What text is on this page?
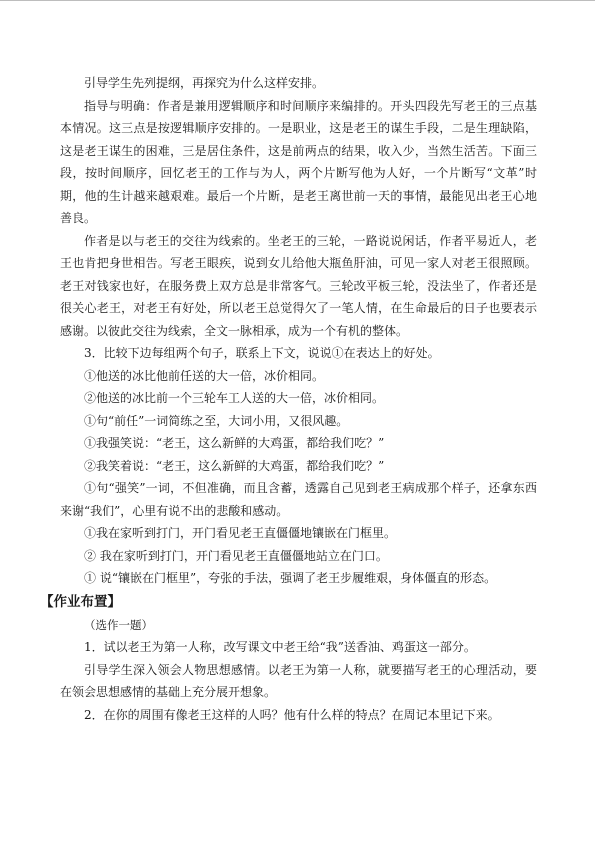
引导学生先列提纲，再探究为什么这样安排。

指导与明确：作者是兼用逻辑顺序和时间顺序来编排的。开头四段先写老王的三点基本情况。这三点是按逻辑顺序安排的。一是职业，这是老王的谋生手段，二是生理缺陷，这是老王谋生的困难，三是居住条件，这是前两点的结果，收入少，当然生活苦。下面三段，按时间顺序，回忆老王的工作与为人，两个片断写他为人好，一个片断写“文革”时期，他的生计越来越艰难。最后一个片断，是老王离世前一天的事情，最能见出老王心地善良。

作者是以与老王的交往为线索的。坐老王的三轮，一路说说闲话，作者平易近人，老王也肯把身世相告。写老王眼疾，说到女儿给他大瓶鱼肝油，可见一家人对老王很照顾。老王对钱家也好，在服务费上双方总是非常客气。三轮改平板三轮，没法坐了，作者还是很关心老王，对老王有好处，所以老王总觉得欠了一笔人情，在生命最后的日子也要表示感谢。以彼此交往为线索，全文一脉相承，成为一个有机的整体。

3．比较下边每组两个句子，联系上下文，说说①在表达上的好处。

①他送的冰比他前任送的大一倍，冰价相同。

②他送的冰比前一个三轮车工人送的大一倍，冰价相同。

①句“前任”一词简练之至，大词小用，又很风趣。

①我强笑说：“老王，这么新鲜的大鸡蛋，都给我们吃？”

②我笑着说：“老王，这么新鲜的大鸡蛋，都给我们吃？”

①句“强笑”一词，不但准确，而且含蓄，透露自己见到老王病成那个样子，还拿东西来谢“我们”，心里有说不出的悲酸和感动。

①我在家听到打门，开门看见老王直僵僵地镶嵌在门框里。

② 我在家听到打门，开门看见老王直僵僵地站立在门口。

① 说“镶嵌在门框里”，夸张的手法，强调了老王步履维艰，身体僵直的形态。

【作业布置】

（选作一题）

1．试以老王为第一人称，改写课文中老王给“我”送香油、鸡蛋这一部分。

引导学生深入领会人物思想感情。以老王为第一人称，就要描写老王的心理活动，要在领会思想感情的基础上充分展开想象。

2．在你的周围有像老王这样的人吗？他有什么样的特点？在周记本里记下来。
